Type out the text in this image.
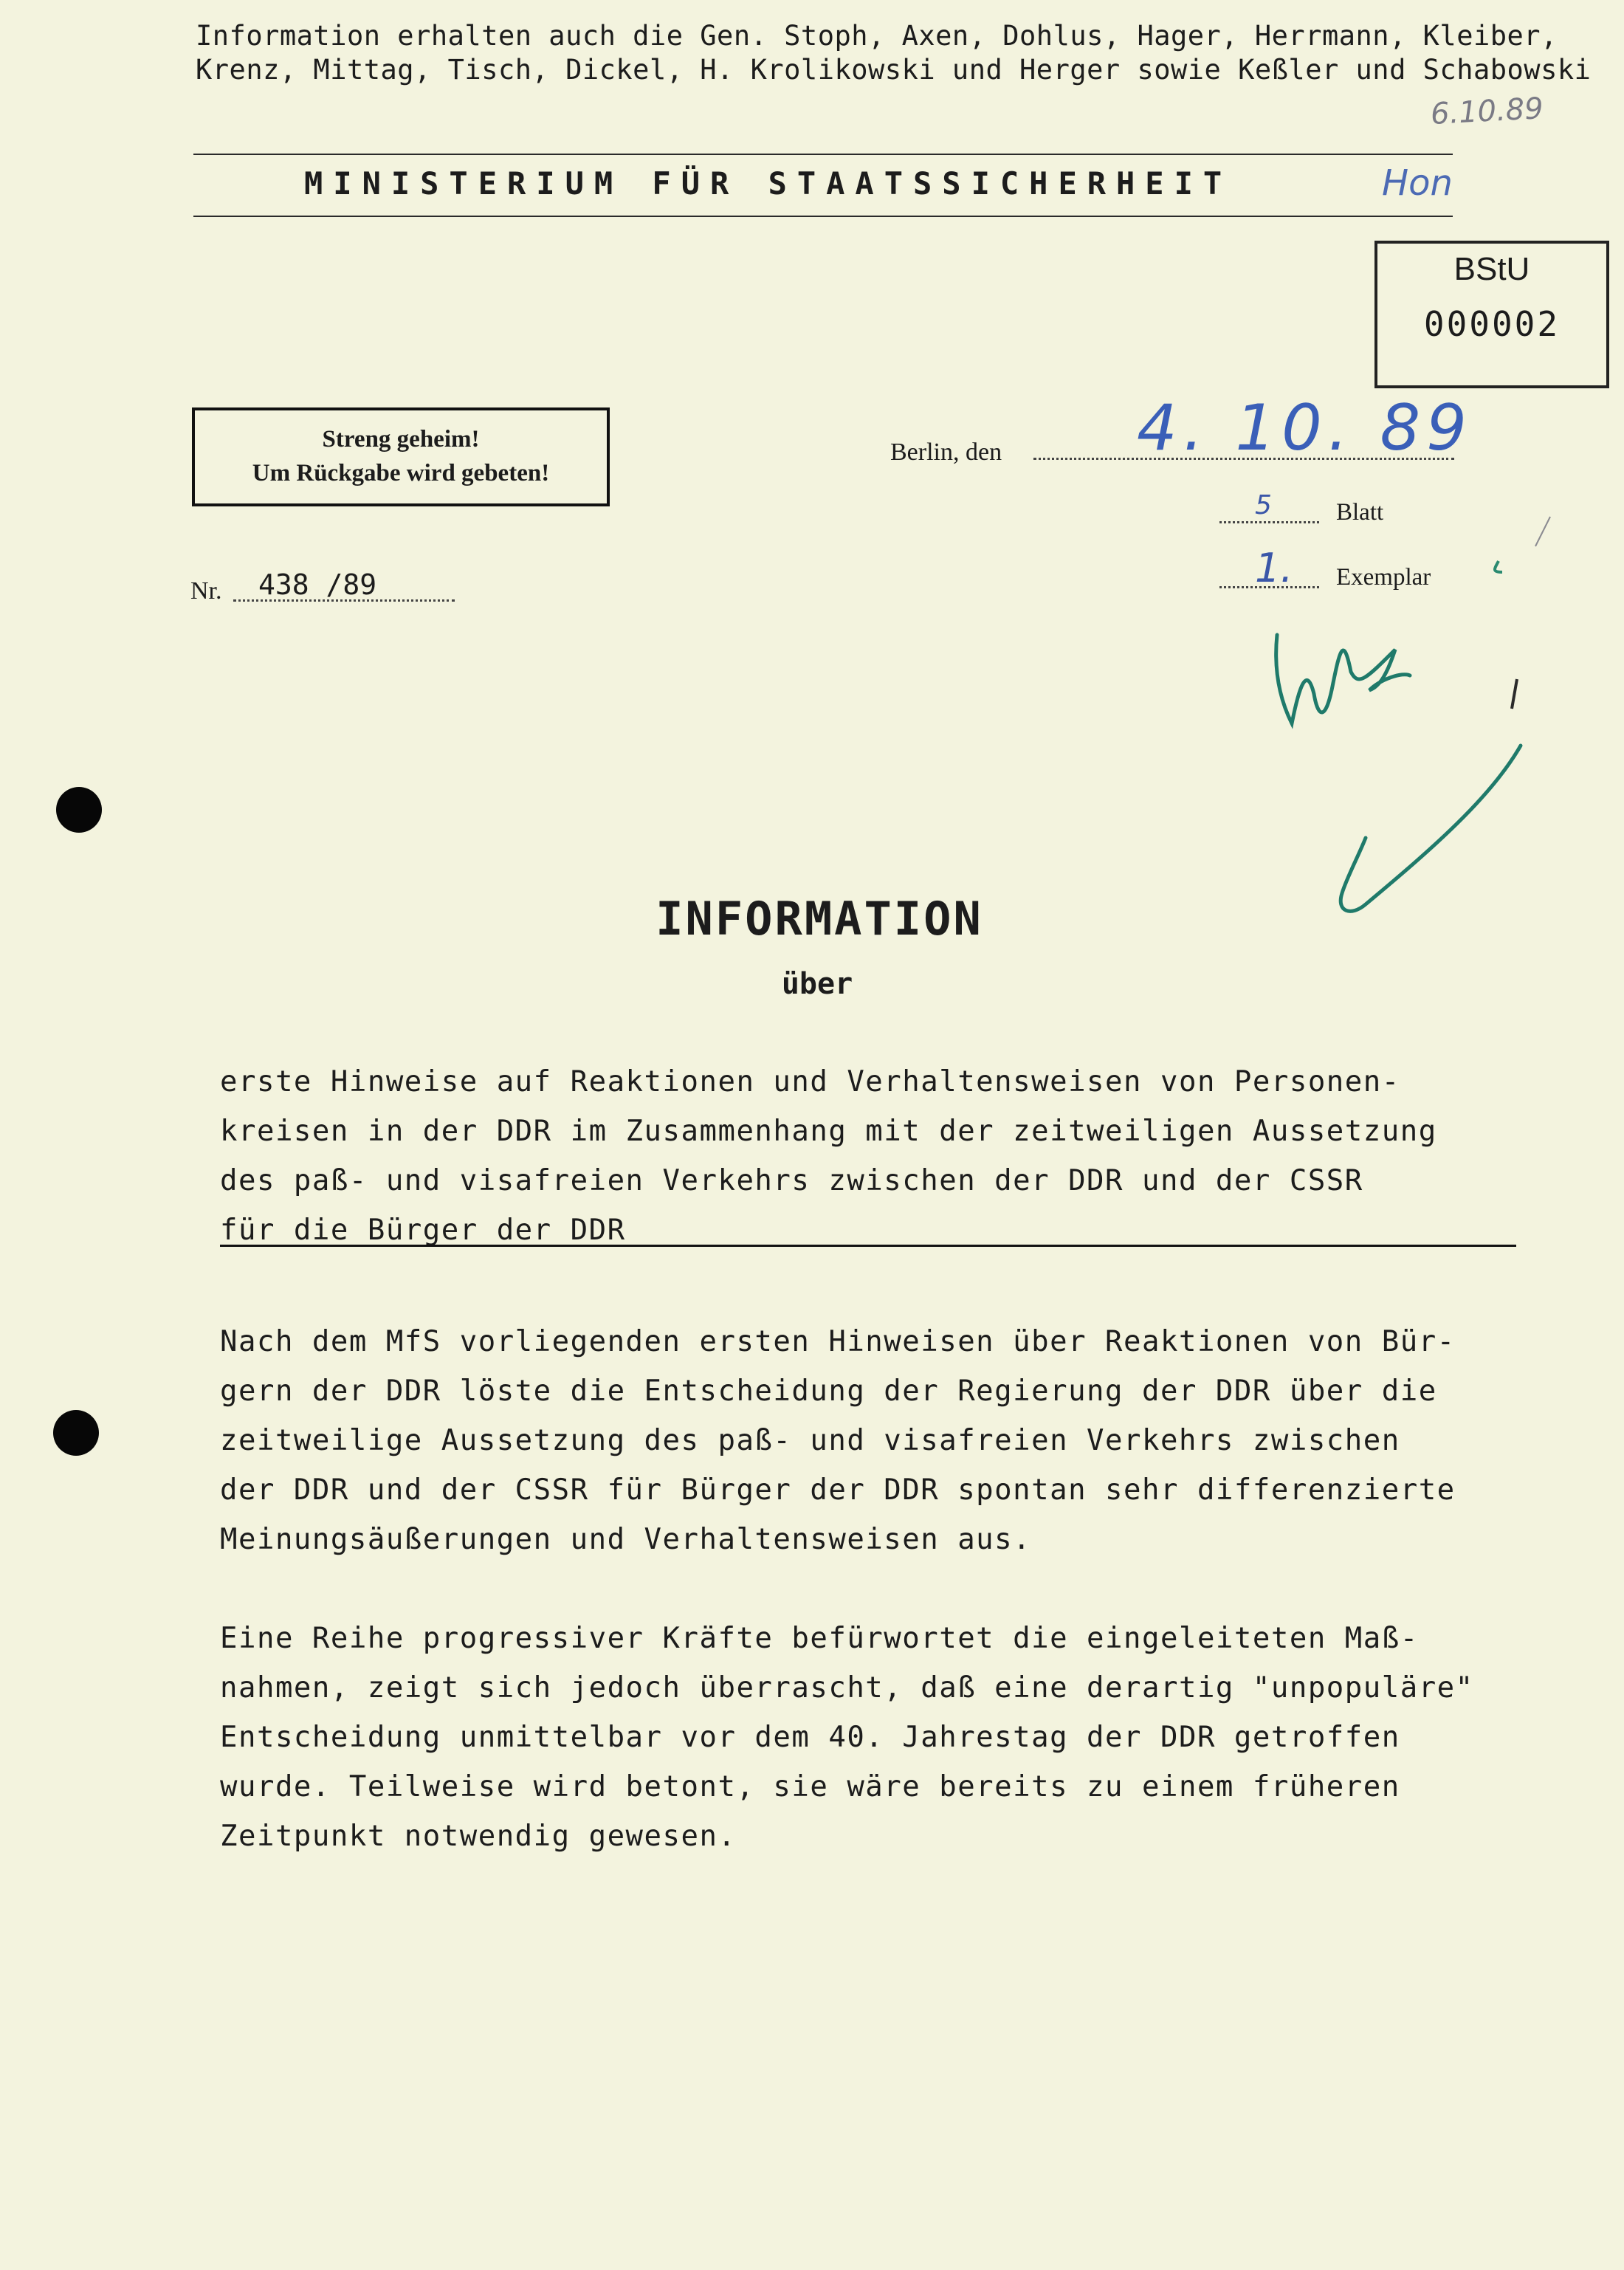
Information erhalten auch die Gen. Stoph, Axen, Dohlus, Hager, Herrmann, Kleiber,
Krenz, Mittag, Tisch, Dickel, H. Krolikowski und Herger sowie Keßler und Schabowski
6.10.89
MINISTERIUM FÜR STAATSSICHERHEIT	Hon
BStU
000002
Streng geheim!
Um Rückgabe wird gebeten!
Berlin, den 4. 10. 89
5	Blatt
1. Exemplar
Nr. 438 /89
INFORMATION
über
erste Hinweise auf Reaktionen und Verhaltensweisen von Personen-
kreisen in der DDR im Zusammenhang mit der zeitweiligen Aussetzung
des paß- und visafreien Verkehrs zwischen der DDR und der CSSR
für die Bürger der DDR
Nach dem MfS vorliegenden ersten Hinweisen über Reaktionen von Bür-
gern der DDR löste die Entscheidung der Regierung der DDR über die
zeitweilige Aussetzung des paß- und visafreien Verkehrs zwischen
der DDR und der CSSR für Bürger der DDR spontan sehr differenzierte
Meinungsäußerungen und Verhaltensweisen aus.
Eine Reihe progressiver Kräfte befürwortet die eingeleiteten Maß-
nahmen, zeigt sich jedoch überrascht, daß eine derartig "unpopuläre"
Entscheidung unmittelbar vor dem 40. Jahrestag der DDR getroffen
wurde. Teilweise wird betont, sie wäre bereits zu einem früheren
Zeitpunkt notwendig gewesen.
